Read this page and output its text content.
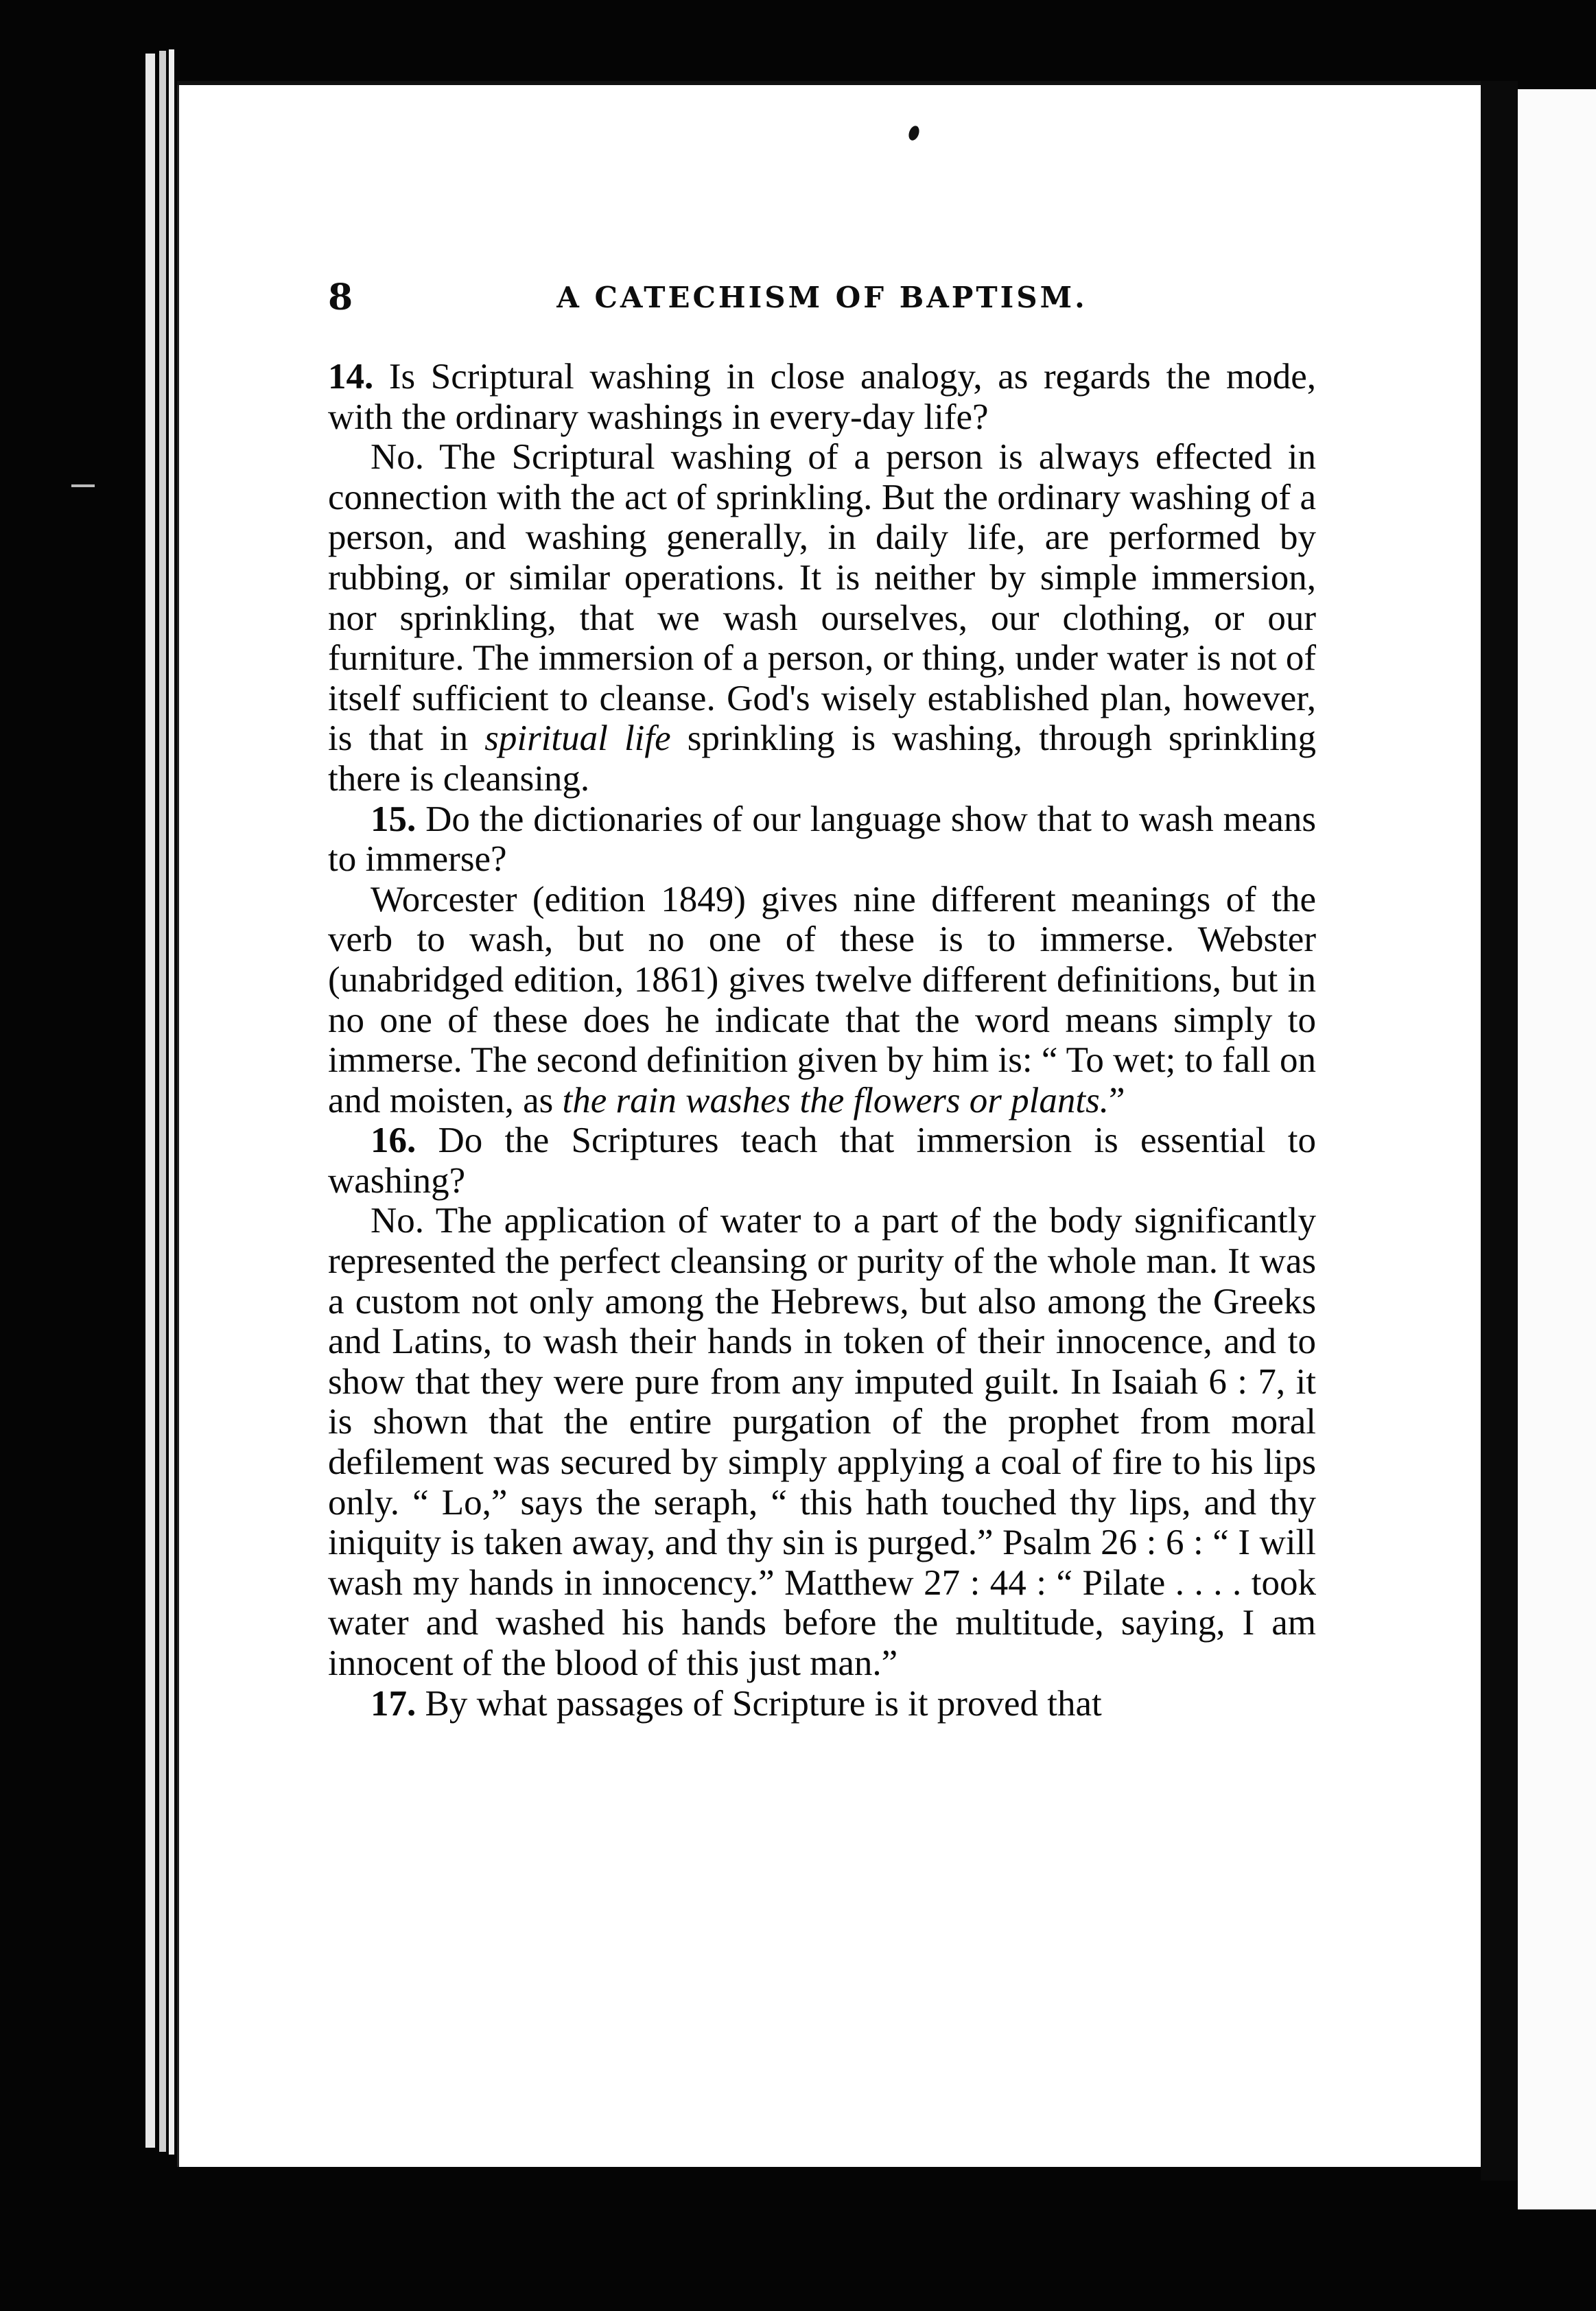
8	A CATECHISM OF BAPTISM.

14. Is Scriptural washing in close analogy, as regards the mode, with the ordinary washings in every-day life?

No. The Scriptural washing of a person is always effected in connection with the act of sprinkling. But the ordinary washing of a person, and washing generally, in daily life, are performed by rubbing, or similar operations. It is neither by simple immersion, nor sprinkling, that we wash ourselves, our clothing, or our furniture. The immersion of a person, or thing, under water is not of itself sufficient to cleanse. God's wisely established plan, however, is that in spiritual life sprinkling is washing, through sprinkling there is cleansing.

15. Do the dictionaries of our language show that to wash means to immerse?

Worcester (edition 1849) gives nine different meanings of the verb to wash, but no one of these is to immerse. Webster (unabridged edition, 1861) gives twelve different definitions, but in no one of these does he indicate that the word means simply to immerse. The second definition given by him is: “ To wet; to fall on and moisten, as the rain washes the flowers or plants.”

16. Do the Scriptures teach that immersion is essential to washing?

No. The application of water to a part of the body significantly represented the perfect cleansing or purity of the whole man. It was a custom not only among the Hebrews, but also among the Greeks and Latins, to wash their hands in token of their innocence, and to show that they were pure from any imputed guilt. In Isaiah 6 : 7, it is shown that the entire purgation of the prophet from moral defilement was secured by simply applying a coal of fire to his lips only. “ Lo,” says the seraph, “ this hath touched thy lips, and thy iniquity is taken away, and thy sin is purged.” Psalm 26 : 6 : “ I will wash my hands in innocency.” Matthew 27 : 44 : “ Pilate . . . . took water and washed his hands before the multitude, saying, I am innocent of the blood of this just man.”

17. By what passages of Scripture is it proved that
